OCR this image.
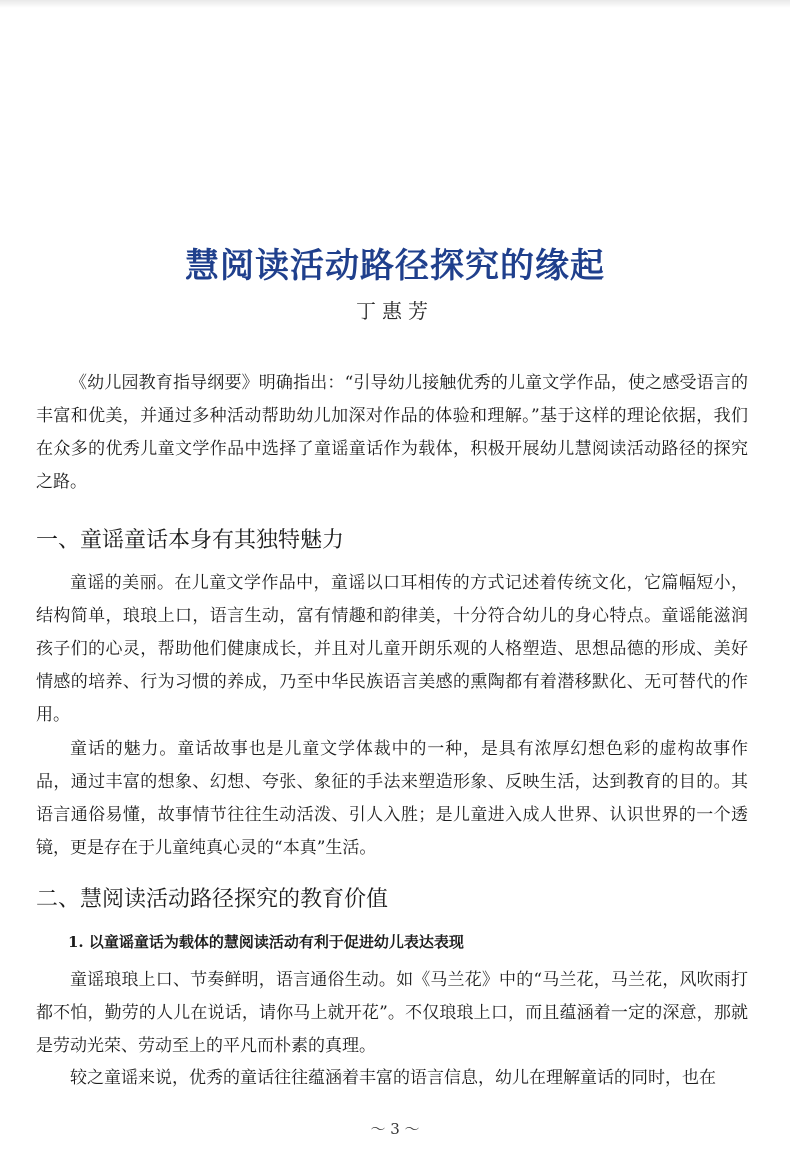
慧阅读活动路径探究的缘起

丁惠芳

《幼儿园教育指导纲要》明确指出：“引导幼儿接触优秀的儿童文学作品，使之感受语言的丰富和优美，并通过多种活动帮助幼儿加深对作品的体验和理解。”基于这样的理论依据，我们在众多的优秀儿童文学作品中选择了童谣童话作为载体，积极开展幼儿慧阅读活动路径的探究之路。

一、童谣童话本身有其独特魅力

童谣的美丽。在儿童文学作品中，童谣以口耳相传的方式记述着传统文化，它篇幅短小，结构简单，琅琅上口，语言生动，富有情趣和韵律美，十分符合幼儿的身心特点。童谣能滋润孩子们的心灵，帮助他们健康成长，并且对儿童开朗乐观的人格塑造、思想品德的形成、美好情感的培养、行为习惯的养成，乃至中华民族语言美感的熏陶都有着潜移默化、无可替代的作用。

童话的魅力。童话故事也是儿童文学体裁中的一种，是具有浓厚幻想色彩的虚构故事作品，通过丰富的想象、幻想、夸张、象征的手法来塑造形象、反映生活，达到教育的目的。其语言通俗易懂，故事情节往往生动活泼、引人入胜；是儿童进入成人世界、认识世界的一个透镜，更是存在于儿童纯真心灵的“本真”生活。

二、慧阅读活动路径探究的教育价值
1. 以童谣童话为载体的慧阅读活动有利于促进幼儿表达表现

童谣琅琅上口、节奏鲜明，语言通俗生动。如《马兰花》中的“马兰花，马兰花，风吹雨打都不怕，勤劳的人儿在说话，请你马上就开花”。不仅琅琅上口，而且蕴涵着一定的深意，那就是劳动光荣、劳动至上的平凡而朴素的真理。

较之童谣来说，优秀的童话往往蕴涵着丰富的语言信息，幼儿在理解童话的同时，也在

～ 3 ～
